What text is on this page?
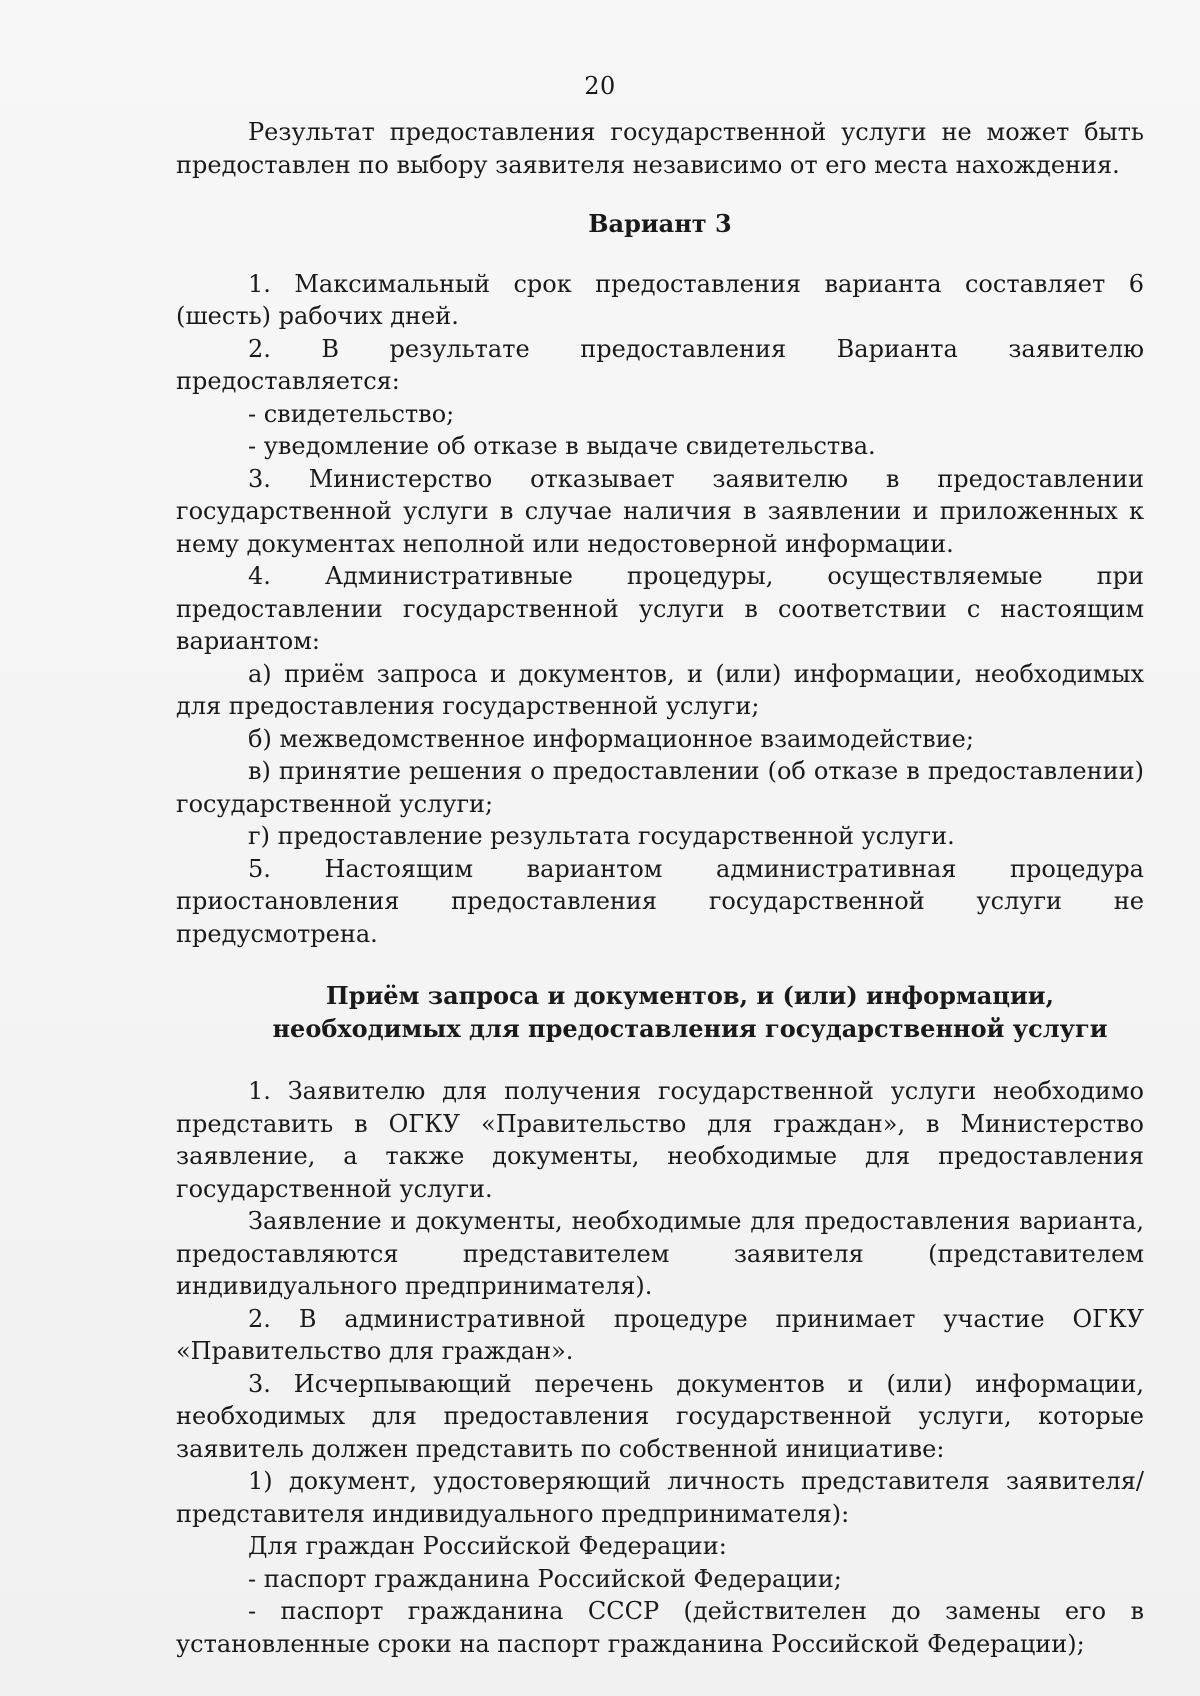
20

Результат предоставления государственной услуги не может быть предоставлен по выбору заявителя независимо от его места нахождения.

Вариант 3

1. Максимальный срок предоставления варианта составляет 6 (шесть) рабочих дней.

2. В результате предоставления Варианта заявителю предоставляется:

- свидетельство;

- уведомление об отказе в выдаче свидетельства.

3. Министерство отказывает заявителю в предоставлении государственной услуги в случае наличия в заявлении и приложенных к нему документах неполной или недостоверной информации.

4. Административные процедуры, осуществляемые при предоставлении государственной услуги в соответствии с настоящим вариантом:

а) приём запроса и документов, и (или) информации, необходимых для предоставления государственной услуги;

б) межведомственное информационное взаимодействие;

в) принятие решения о предоставлении (об отказе в предоставлении) государственной услуги;

г) предоставление результата государственной услуги.

5. Настоящим вариантом административная процедура приостановления предоставления государственной услуги не предусмотрена.

Приём запроса и документов, и (или) информации, необходимых для предоставления государственной услуги

1. Заявителю для получения государственной услуги необходимо представить в ОГКУ «Правительство для граждан», в Министерство заявление, а также документы, необходимые для предоставления государственной услуги.

Заявление и документы, необходимые для предоставления варианта, предоставляются представителем заявителя (представителем индивидуального предпринимателя).

2. В административной процедуре принимает участие ОГКУ «Правительство для граждан».

3. Исчерпывающий перечень документов и (или) информации, необходимых для предоставления государственной услуги, которые заявитель должен представить по собственной инициативе:

1) документ, удостоверяющий личность представителя заявителя/представителя индивидуального предпринимателя):

Для граждан Российской Федерации:

- паспорт гражданина Российской Федерации;

- паспорт гражданина СССР (действителен до замены его в установленные сроки на паспорт гражданина Российской Федерации);
